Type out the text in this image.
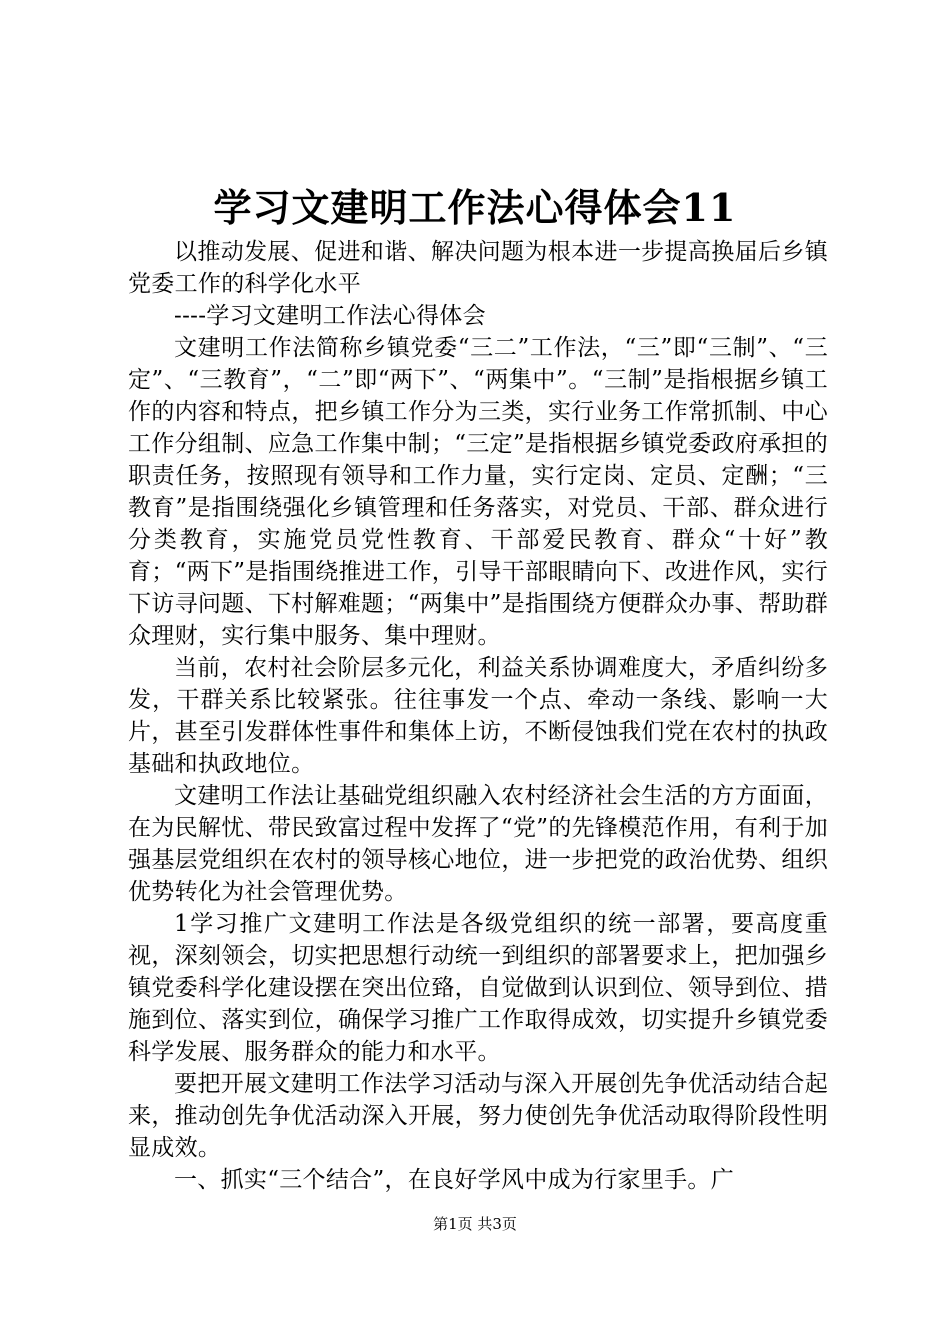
学习文建明工作法心得体会11

以推动发展、促进和谐、解决问题为根本进一步提高换届后乡镇党委工作的科学化水平

----学习文建明工作法心得体会

文建明工作法简称乡镇党委“三二”工作法，“三”即“三制”、“三定”、“三教育”，“二”即“两下”、“两集中”。“三制”是指根据乡镇工作的内容和特点，把乡镇工作分为三类，实行业务工作常抓制、中心工作分组制、应急工作集中制；“三定”是指根据乡镇党委政府承担的职责任务，按照现有领导和工作力量，实行定岗、定员、定酬；“三教育”是指围绕强化乡镇管理和任务落实，对党员、干部、群众进行分类教育，实施党员党性教育、干部爱民教育、群众“十好”教育；“两下”是指围绕推进工作，引导干部眼睛向下、改进作风，实行下访寻问题、下村解难题；“两集中”是指围绕方便群众办事、帮助群众理财，实行集中服务、集中理财。

当前，农村社会阶层多元化，利益关系协调难度大，矛盾纠纷多发，干群关系比较紧张。往往事发一个点、牵动一条线、影响一大片，甚至引发群体性事件和集体上访，不断侵蚀我们党在农村的执政基础和执政地位。

文建明工作法让基础党组织融入农村经济社会生活的方方面面，在为民解忧、带民致富过程中发挥了“党”的先锋模范作用，有利于加强基层党组织在农村的领导核心地位，进一步把党的政治优势、组织优势转化为社会管理优势。

1学习推广文建明工作法是各级党组织的统一部署，要高度重视，深刻领会，切实把思想行动统一到组织的部署要求上，把加强乡镇党委科学化建设摆在突出位臵，自觉做到认识到位、领导到位、措施到位、落实到位，确保学习推广工作取得成效，切实提升乡镇党委科学发展、服务群众的能力和水平。

要把开展文建明工作法学习活动与深入开展创先争优活动结合起来，推动创先争优活动深入开展，努力使创先争优活动取得阶段性明显成效。

一、抓实“三个结合”，在良好学风中成为行家里手。广

第1页 共3页
